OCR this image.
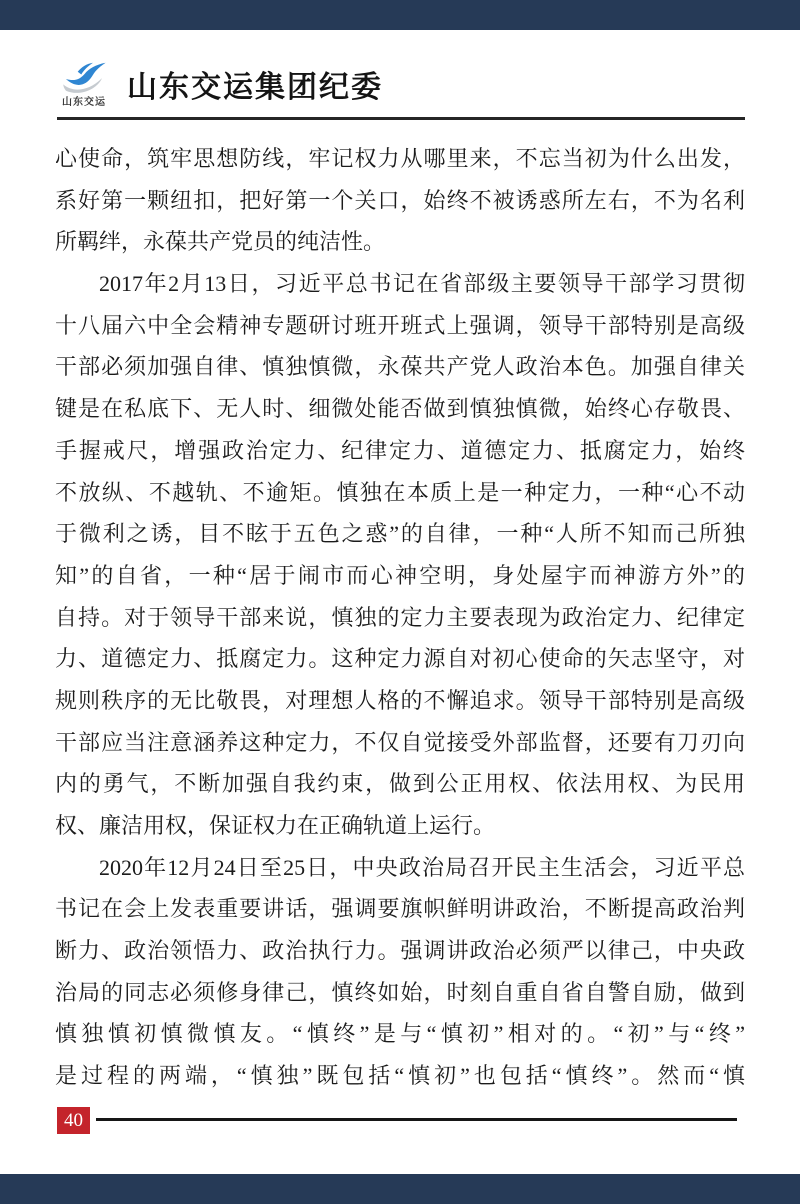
山东交运 山东交运集团纪委
心使命，筑牢思想防线，牢记权力从哪里来，不忘当初为什么出发，
系好第一颗纽扣，把好第一个关口，始终不被诱惑所左右，不为名利
所羁绊，永葆共产党员的纯洁性。
2017年2月13日，习近平总书记在省部级主要领导干部学习贯彻
十八届六中全会精神专题研讨班开班式上强调，领导干部特别是高级
干部必须加强自律、慎独慎微，永葆共产党人政治本色。加强自律关
键是在私底下、无人时、细微处能否做到慎独慎微，始终心存敬畏、
手握戒尺，增强政治定力、纪律定力、道德定力、抵腐定力，始终
不放纵、不越轨、不逾矩。慎独在本质上是一种定力，一种“心不动
于微利之诱，目不眩于五色之惑”的自律，一种“人所不知而己所独
知”的自省，一种“居于闹市而心神空明，身处屋宇而神游方外”的
自持。对于领导干部来说，慎独的定力主要表现为政治定力、纪律定
力、道德定力、抵腐定力。这种定力源自对初心使命的矢志坚守，对
规则秩序的无比敬畏，对理想人格的不懈追求。领导干部特别是高级
干部应当注意涵养这种定力，不仅自觉接受外部监督，还要有刀刃向
内的勇气，不断加强自我约束，做到公正用权、依法用权、为民用
权、廉洁用权，保证权力在正确轨道上运行。
2020年12月24日至25日，中央政治局召开民主生活会，习近平总
书记在会上发表重要讲话，强调要旗帜鲜明讲政治，不断提高政治判
断力、政治领悟力、政治执行力。强调讲政治必须严以律己，中央政
治局的同志必须修身律己，慎终如始，时刻自重自省自警自励，做到
慎独慎初慎微慎友。“慎终”是与“慎初”相对的。“初”与“终”
是过程的两端，“慎独”既包括“慎初”也包括“慎终”。然而“慎
40
